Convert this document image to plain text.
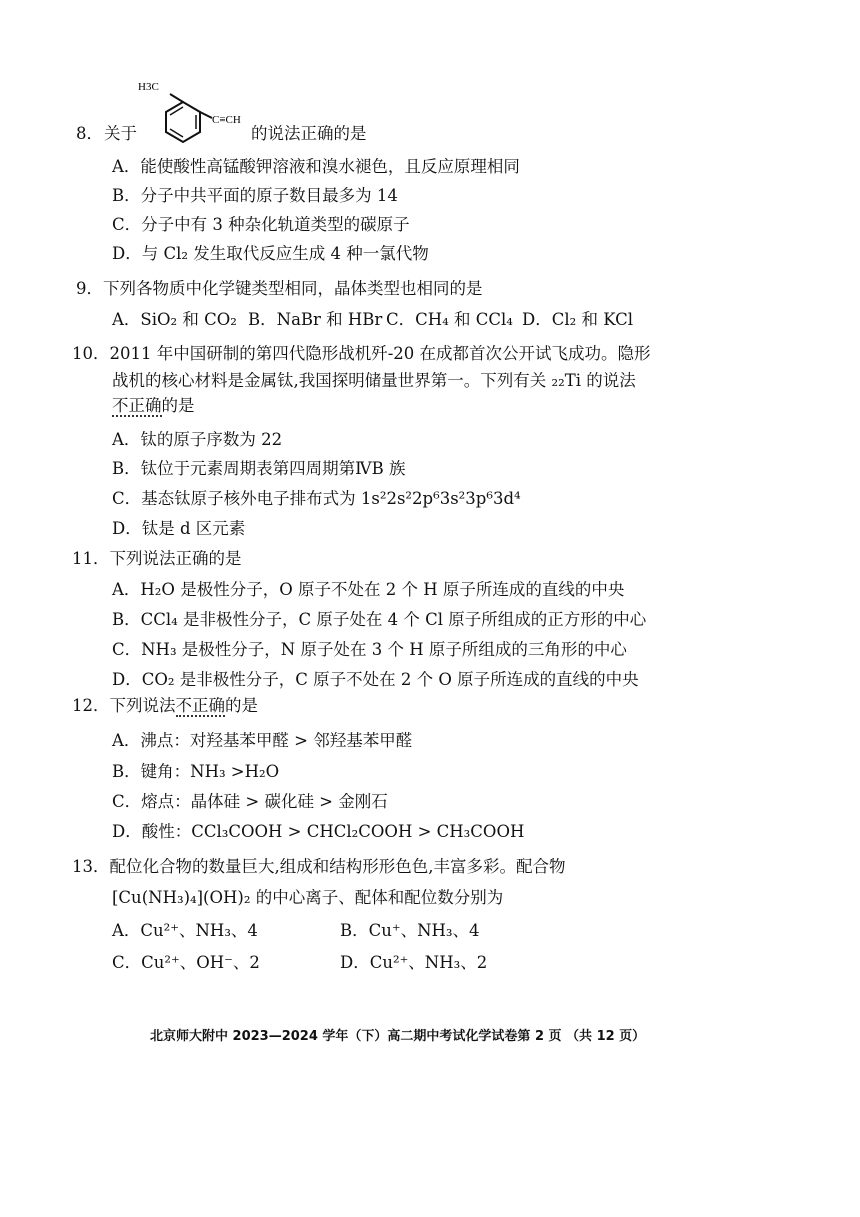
8． 关于
H3C
C≡CH
的说法正确的是
A．能使酸性高锰酸钾溶液和溴水褪色，且反应原理相同
B．分子中共平面的原子数目最多为 14
C．分子中有 3 种杂化轨道类型的碳原子
D．与 Cl₂ 发生取代反应生成 4 种一氯代物
9．下列各物质中化学键类型相同，晶体类型也相同的是
A．SiO₂ 和 CO₂ B．NaBr 和 HBr C．CH₄ 和 CCl₄ D．Cl₂ 和 KCl
10．2011 年中国研制的第四代隐形战机歼-20 在成都首次公开试飞成功。隐形
战机的核心材料是金属钛,我国探明储量世界第一。下列有关 ₂₂Ti 的说法
不正确的是
A．钛的原子序数为 22
B．钛位于元素周期表第四周期第ⅣB 族
C．基态钛原子核外电子排布式为 1s²2s²2p⁶3s²3p⁶3d⁴
D．钛是 d 区元素
11．下列说法正确的是
A．H₂O 是极性分子，O 原子不处在 2 个 H 原子所连成的直线的中央
B．CCl₄ 是非极性分子，C 原子处在 4 个 Cl 原子所组成的正方形的中心
C．NH₃ 是极性分子，N 原子处在 3 个 H 原子所组成的三角形的中心
D．CO₂ 是非极性分子，C 原子不处在 2 个 O 原子所连成的直线的中央
12．下列说法不正确的是
A．沸点：对羟基苯甲醛 > 邻羟基苯甲醛
B．键角：NH₃ >H₂O
C．熔点：晶体硅 > 碳化硅 > 金刚石
D．酸性：CCl₃COOH > CHCl₂COOH > CH₃COOH
13．配位化合物的数量巨大,组成和结构形形色色,丰富多彩。配合物
[Cu(NH₃)₄](OH)₂ 的中心离子、配体和配位数分别为
A．Cu²⁺、NH₃、4	B．Cu⁺、NH₃、4
C．Cu²⁺、OH⁻、2	D．Cu²⁺、NH₃、2
北京师大附中 2023—2024 学年（下）高二期中考试化学试卷第 2 页 （共 12 页）
